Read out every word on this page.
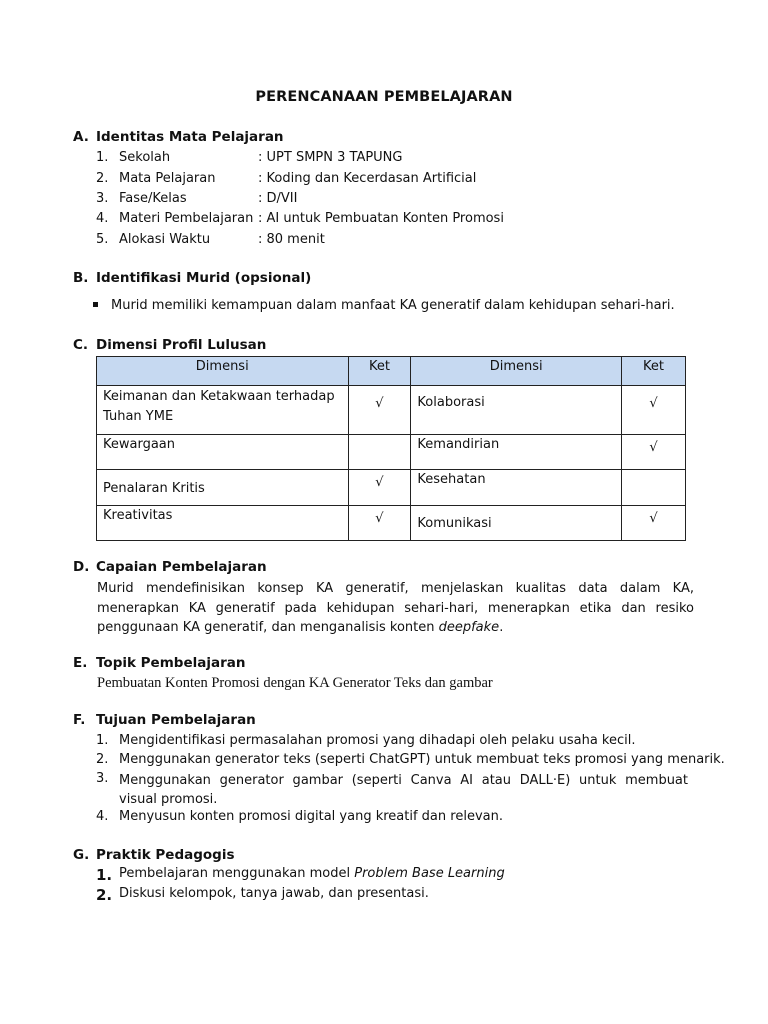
PERENCANAAN PEMBELAJARAN
A. Identitas Mata Pelajaran
1. Sekolah	: UPT SMPN 3 TAPUNG
2. Mata Pelajaran	: Koding dan Kecerdasan Artificial
3. Fase/Kelas	: D/VII
4. Materi Pembelajaran : AI untuk Pembuatan Konten Promosi
5. Alokasi Waktu	: 80 menit
B. Identifikasi Murid (opsional)
Murid memiliki kemampuan dalam manfaat KA generatif dalam kehidupan sehari-hari.
C. Dimensi Profil Lulusan
Dimensi	Ket	Dimensi	Ket
Keimanan dan Ketakwaan terhadap Tuhan YME	√	Kolaborasi	√
Kewargaan		Kemandirian	√
Penalaran Kritis	√	Kesehatan	
Kreativitas	√	Komunikasi	√
D. Capaian Pembelajaran
Murid mendefinisikan konsep KA generatif, menjelaskan kualitas data dalam KA, menerapkan KA generatif pada kehidupan sehari-hari, menerapkan etika dan resiko penggunaan KA generatif, dan menganalisis konten deepfake.
E. Topik Pembelajaran
Pembuatan Konten Promosi dengan KA Generator Teks dan gambar
F. Tujuan Pembelajaran
1. Mengidentifikasi permasalahan promosi yang dihadapi oleh pelaku usaha kecil.
2. Menggunakan generator teks (seperti ChatGPT) untuk membuat teks promosi yang menarik.
3. Menggunakan generator gambar (seperti Canva AI atau DALL·E) untuk membuat visual promosi.
4. Menyusun konten promosi digital yang kreatif dan relevan.
G. Praktik Pedagogis
1. Pembelajaran menggunakan model Problem Base Learning
2. Diskusi kelompok, tanya jawab, dan presentasi.
